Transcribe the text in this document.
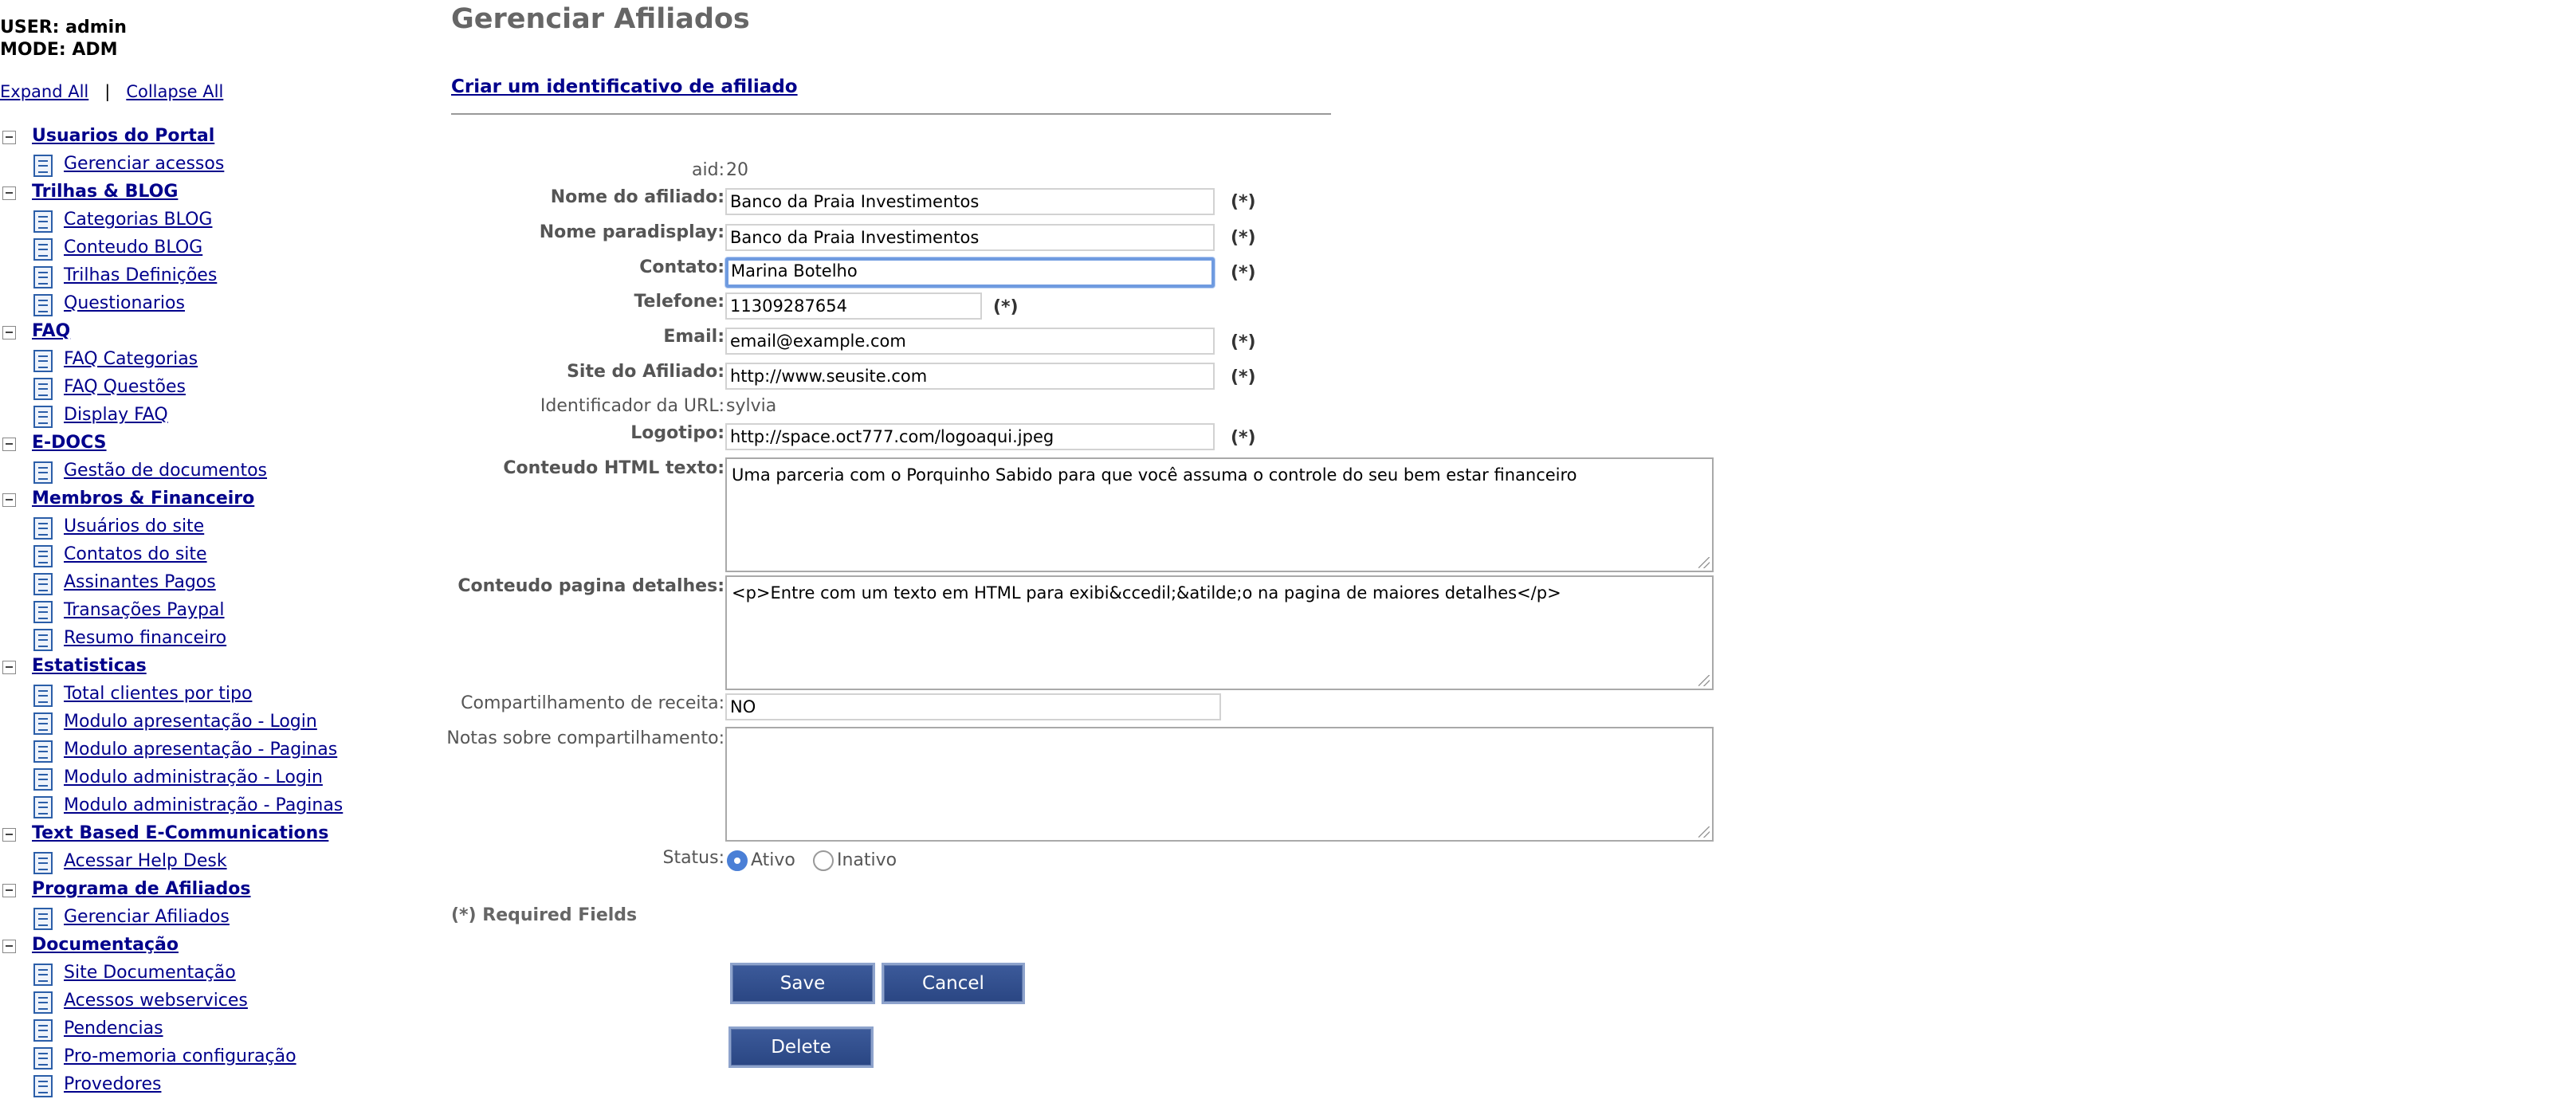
USER: admin
MODE: ADM
Expand All | Collapse All
Usuarios do Portal
Gerenciar acessos
Trilhas & BLOG
Categorias BLOG
Conteudo BLOG
Trilhas Definições
Questionarios
FAQ
FAQ Categorias
FAQ Questões
Display FAQ
E-DOCS
Gestão de documentos
Membros & Financeiro
Usuários do site
Contatos do site
Assinantes Pagos
Transações Paypal
Resumo financeiro
Estatisticas
Total clientes por tipo
Modulo apresentação - Login
Modulo apresentação - Paginas
Modulo administração - Login
Modulo administração - Paginas
Text Based E-Communications
Acessar Help Desk
Programa de Afiliados
Gerenciar Afiliados
Documentação
Site Documentação
Acessos webservices
Pendencias
Pro-memoria configuração
Provedores
Gerenciar Afiliados
Criar um identificativo de afiliado
aid: 20
Nome do afiliado: Banco da Praia Investimentos	(*)
Nome paradisplay: Banco da Praia Investimentos	(*)
Contato: Marina Botelho	(*)
Telefone: 11309287654	(*)
Email: email@example.com	(*)
Site do Afiliado: http://www.seusite.com	(*)
Identificador da URL: sylvia
Logotipo: http://space.oct777.com/logoaqui.jpeg	(*)
Conteudo HTML texto: Uma parceria com o Porquinho Sabido para que você assuma o controle do seu bem estar financeiro
Conteudo pagina detalhes: <p>Entre com um texto em HTML para exibi&ccedil;&atilde;o na pagina de maiores detalhes</p>
Compartilhamento de receita: NO
Notas sobre compartilhamento:
Status: Ativo Inativo
(*) Required Fields
Save	Cancel
Delete
